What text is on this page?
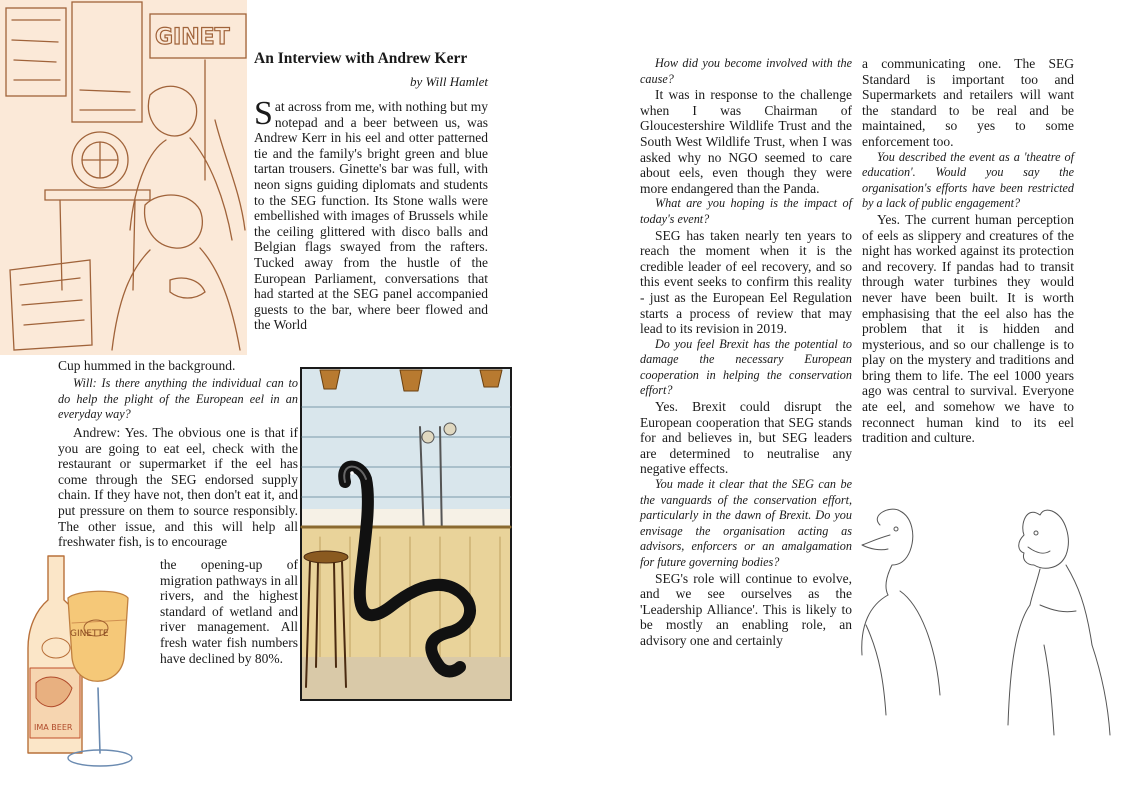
GINET
An Interview with Andrew Kerr
by Will Hamlet
Sat across from me, with nothing but my notepad and a beer between us, was Andrew Kerr in his eel and otter patterned tie and the family's bright green and blue tartan trousers. Ginette's bar was full, with neon signs guiding diplomats and students to the SEG function. Its Stone walls were embellished with images of Brussels while the ceiling glittered with disco balls and Belgian flags swayed from the rafters. Tucked away from the hustle of the European Parliament, conversations that had started at the SEG panel accompanied guests to the bar, where beer flowed and the World
Cup hummed in the background.
Will: Is there anything the individual can to do help the plight of the European eel in an everyday way?
Andrew: Yes. The obvious one is that if you are going to eat eel, check with the restaurant or supermarket if the eel has come through the SEG endorsed supply chain. If they have not, then don't eat it, and put pressure on them to source responsibly. The other issue, and this will help all freshwater fish, is to encourage
the opening-up of migration pathways in all rivers, and the highest standard of wetland and river management. All fresh water fish numbers have declined by 80%.
GINETTE
IMA BEER

How did you become involved with the cause?

It was in response to the challenge when I was Chairman of Gloucestershire Wildlife Trust and the South West Wildlife Trust, when I was asked why no NGO seemed to care about eels, even though they were more endangered than the Panda.

What are you hoping is the impact of today's event?

SEG has taken nearly ten years to reach the moment when it is the credible leader of eel recovery, and so this event seeks to confirm this reality - just as the European Eel Regulation starts a process of review that may lead to its revision in 2019.

Do you feel Brexit has the potential to damage the necessary European cooperation in helping the conservation effort?

Yes. Brexit could disrupt the European cooperation that SEG stands for and believes in, but SEG leaders are determined to neutralise any negative effects.

You made it clear that the SEG can be the vanguards of the conservation effort, particularly in the dawn of Brexit. Do you envisage the organisation acting as advisors, enforcers or an amalgamation for future governing bodies?

SEG's role will continue to evolve, and we see ourselves as the 'Leadership Alliance'. This is likely to be mostly an enabling role, an advisory one and certainly

a communicating one. The SEG Standard is important too and Supermarkets and retailers will want the standard to be real and be maintained, so yes to some enforcement too.

You described the event as a 'theatre of education'. Would you say the organisation's efforts have been restricted by a lack of public engagement?

Yes. The current human perception of eels as slippery and creatures of the night has worked against its protection and recovery. If pandas had to transit through water turbines they would never have been built. It is worth emphasising that the eel also has the problem that it is hidden and mysterious, and so our challenge is to play on the mystery and traditions and bring them to life. The eel 1000 years ago was central to survival. Everyone ate eel, and somehow we have to reconnect human kind to its eel tradition and culture.
